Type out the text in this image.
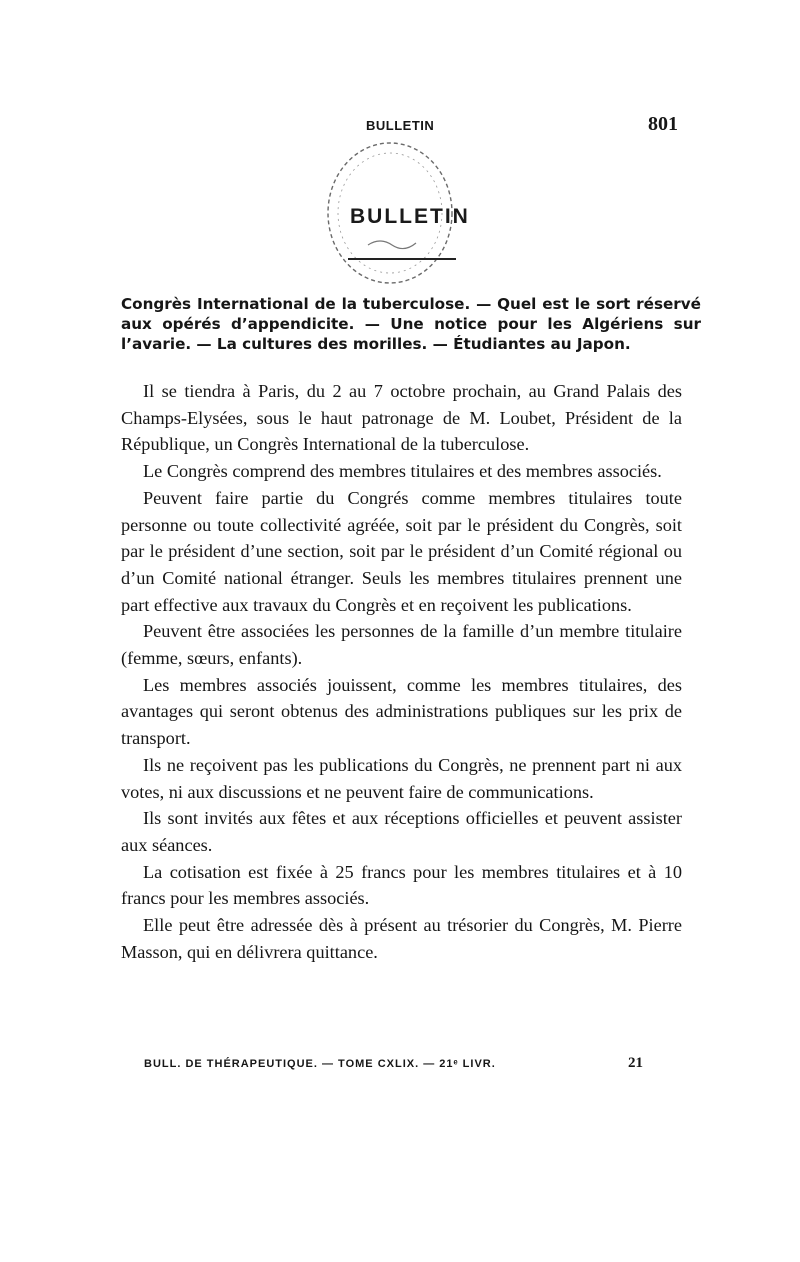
BULLETIN	801
BULLETIN
Congrès International de la tuberculose. — Quel est le sort réservé aux opérés d’appendicite. — Une notice pour les Algériens sur l’avarie. — La cultures des morilles. — Étudiantes au Japon.

Il se tiendra à Paris, du 2 au 7 octobre prochain, au Grand Palais des Champs-Elysées, sous le haut patronage de M. Loubet, Président de la République, un Congrès International de la tuberculose.

Le Congrès comprend des membres titulaires et des membres associés.

Peuvent faire partie du Congrés comme membres titulaires toute personne ou toute collectivité agréée, soit par le président du Congrès, soit par le président d’une section, soit par le président d’un Comité régional ou d’un Comité national étranger. Seuls les membres titulaires prennent une part effective aux travaux du Congrès et en reçoivent les publications.

Peuvent être associées les personnes de la famille d’un membre titulaire (femme, sœurs, enfants).

Les membres associés jouissent, comme les membres titulaires, des avantages qui seront obtenus des administrations publiques sur les prix de transport.

Ils ne reçoivent pas les publications du Congrès, ne prennent part ni aux votes, ni aux discussions et ne peuvent faire de communications.

Ils sont invités aux fêtes et aux réceptions officielles et peuvent assister aux séances.

La cotisation est fixée à 25 francs pour les membres titulaires et à 10 francs pour les membres associés.

Elle peut être adressée dès à présent au trésorier du Congrès, M. Pierre Masson, qui en délivrera quittance.

BULL. DE THÉRAPEUTIQUE. — TOME CXLIX. — 21ᵉ LIVR.	21
